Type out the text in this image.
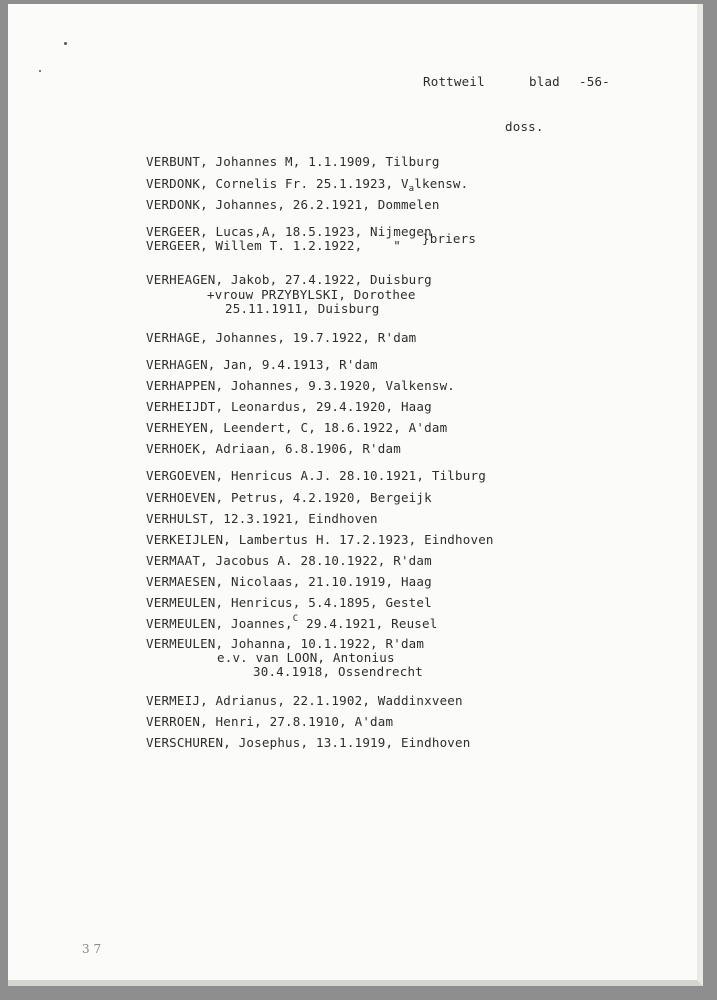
Rottweil	blad -56-
doss.
VERBUNT, Johannes M, 1.1.1909, Tilburg
VERDONK, Cornelis Fr. 25.1.1923, $V_alkensw$.
VERDONK, Johannes, 26.2.1921, Dommelen
VERGEER, Lucas,A, 18.5.1923, Nijmegen
}briers
VERGEER, Willem T. 1.2.1922,    "
VERHEAGEN, Jakob, 27.4.1922, Duisburg
+vrouw PRZYBYLSKI, Dorothee
25.11.1911, Duisburg
VERHAGE, Johannes, 19.7.1922, R'dam
VERHAGEN, Jan, 9.4.1913, R'dam
VERHAPPEN, Johannes, 9.3.1920, Valkensw.
VERHEIJDT, Leonardus, 29.4.1920, Haag
VERHEYEN, Leendert, C, 18.6.1922, A'dam
VERHOEK, Adriaan, 6.8.1906, R'dam
VERGOEVEN, Henricus A.J. 28.10.1921, Tilburg
VERHOEVEN, Petrus, 4.2.1920, Bergeijk
VERHULST, 12.3.1921, Eindhoven
VERKEIJLEN, Lambertus H. 17.2.1923, Eindhoven
VERMAAT, Jacobus A. 28.10.1922, R'dam
VERMAESEN, Nicolaas, 21.10.1919, Haag
VERMEULEN, Henricus, 5.4.1895, Gestel
VERMEULEN, Joannes,$^C$ 29.4.1921, Reusel
VERMEULEN, Johanna, 10.1.1922, R'dam
e.v. van LOON, Antonius
30.4.1918, Ossendrecht
VERMEIJ, Adrianus, 22.1.1902, Waddinxveen
VERROEN, Henri, 27.8.1910, A'dam
VERSCHUREN, Josephus, 13.1.1919, Eindhoven
3 7
